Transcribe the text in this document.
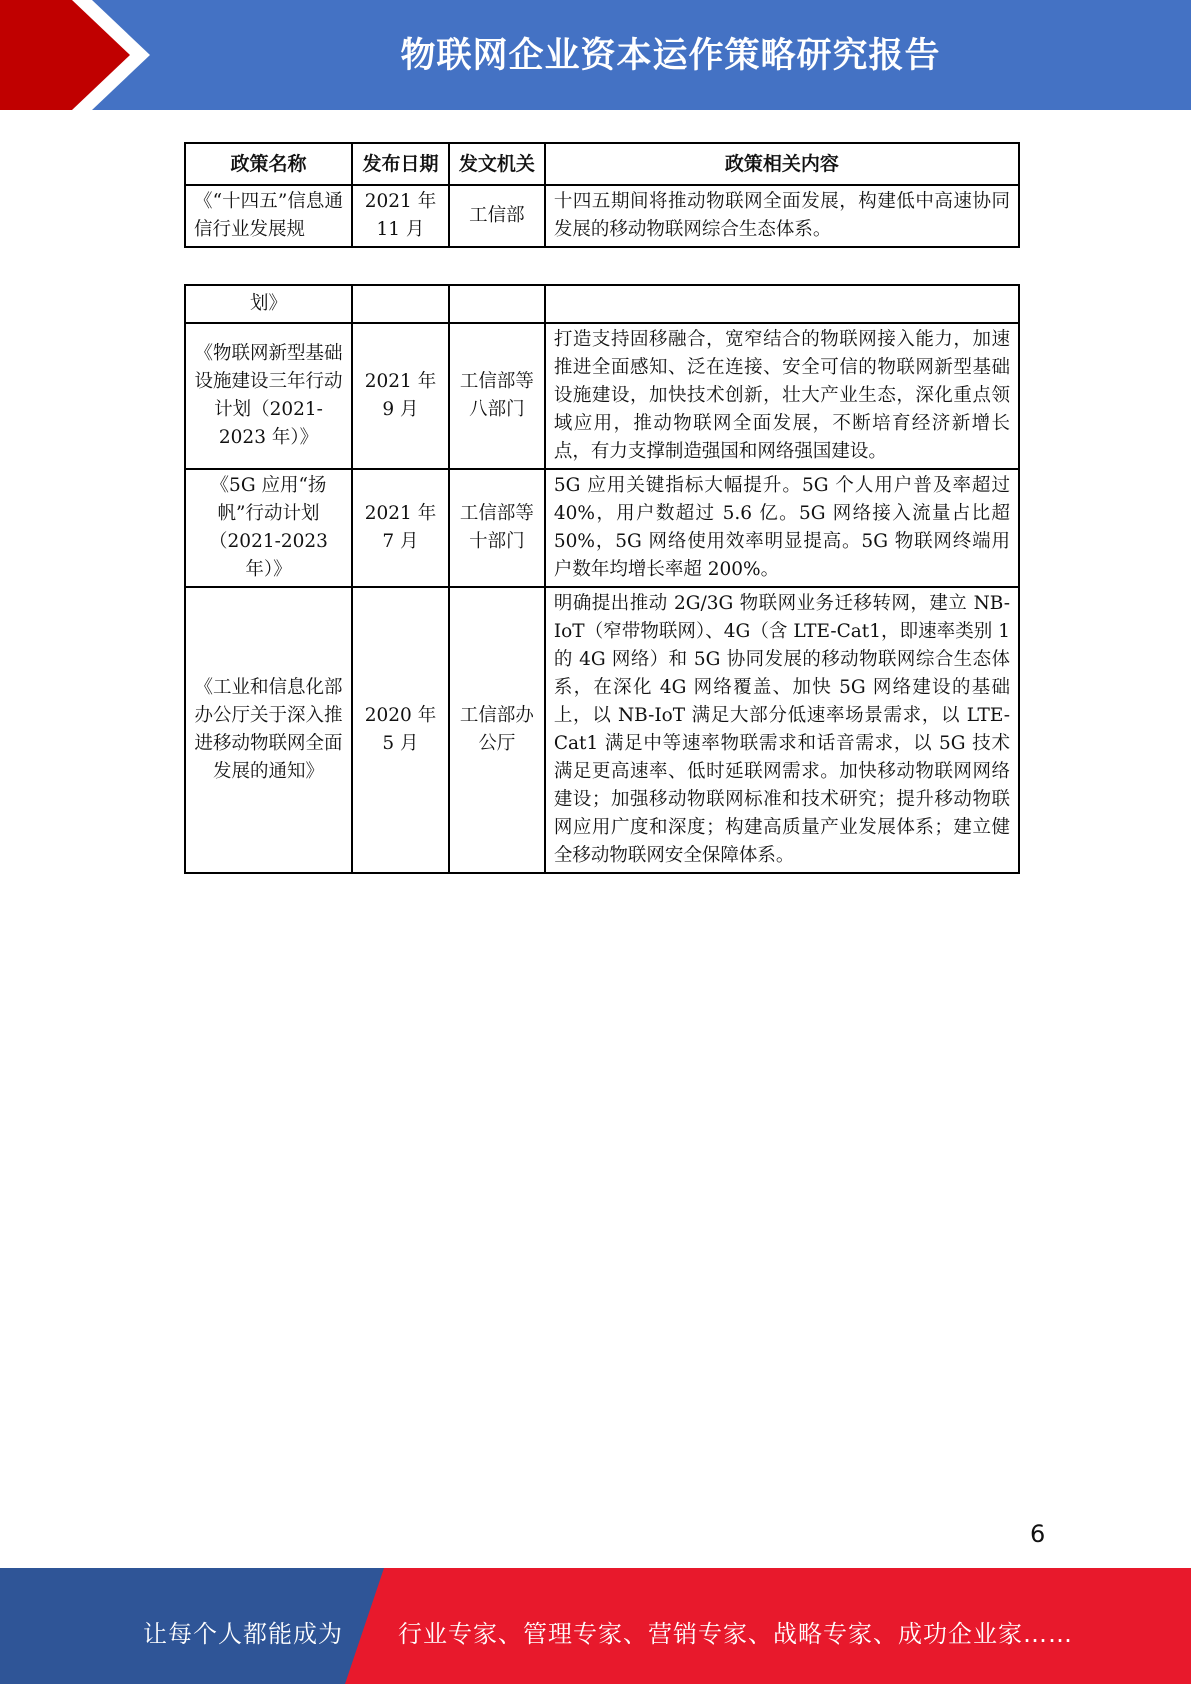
物联网企业资本运作策略研究报告
政策名称	发布日期	发文机关	政策相关内容
《“十四五”信息通信行业发展规	2021 年 11 月	工信部	十四五期间将推动物联网全面发展，构建低中高速协同发展的移动物联网综合生态体系。
划》			
《物联网新型基础设施建设三年行动计划（2021-2023 年）》	2021 年 9 月	工信部等八部门	打造支持固移融合，宽窄结合的物联网接入能力，加速推进全面感知、泛在连接、安全可信的物联网新型基础设施建设，加快技术创新，壮大产业生态，深化重点领域应用，推动物联网全面发展，不断培育经济新增长点，有力支撑制造强国和网络强国建设。
《5G 应用“扬帆”行动计划（2021-2023 年）》	2021 年 7 月	工信部等十部门	5G 应用关键指标大幅提升。5G 个人用户普及率超过 40%，用户数超过 5.6 亿。5G 网络接入流量占比超 50%，5G 网络使用效率明显提高。5G 物联网终端用户数年均增长率超 200%。
《工业和信息化部办公厅关于深入推进移动物联网全面发展的通知》	2020 年 5 月	工信部办公厅	明确提出推动 2G/3G 物联网业务迁移转网，建立 NB-IoT（窄带物联网）、4G（含 LTE-Cat1，即速率类别 1 的 4G 网络）和 5G 协同发展的移动物联网综合生态体系，在深化 4G 网络覆盖、加快 5G 网络建设的基础上，以 NB-IoT 满足大部分低速率场景需求，以 LTE-Cat1 满足中等速率物联需求和话音需求，以 5G 技术满足更高速率、低时延联网需求。加快移动物联网网络建设；加强移动物联网标准和技术研究；提升移动物联网应用广度和深度；构建高质量产业发展体系；建立健全移动物联网安全保障体系。
6
让每个人都能成为 行业专家、管理专家、营销专家、战略专家、成功企业家……
